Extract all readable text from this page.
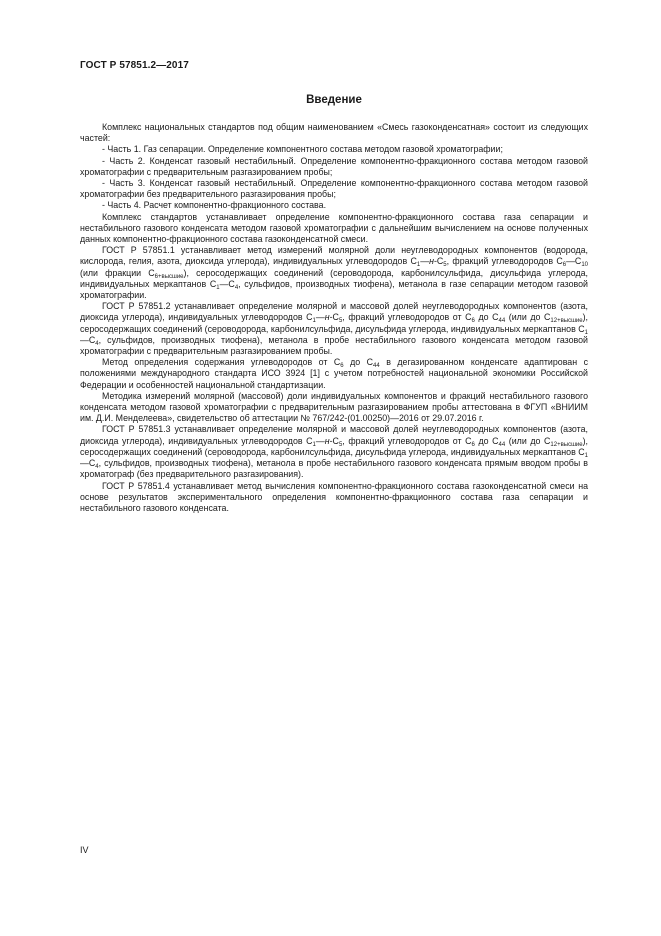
ГОСТ Р 57851.2—2017
Введение

Комплекс национальных стандартов под общим наименованием «Смесь газоконденсатная» состоит из следующих частей:

- Часть 1. Газ сепарации. Определение компонентного состава методом газовой хроматографии;

- Часть 2. Конденсат газовый нестабильный. Определение компонентно-фракционного состава методом газовой хроматографии с предварительным разгазированием пробы;

- Часть 3. Конденсат газовый нестабильный. Определение компонентно-фракционного состава методом газовой хроматографии без предварительного разгазирования пробы;

- Часть 4. Расчет компонентно-фракционного состава.

Комплекс стандартов устанавливает определение компонентно-фракционного состава газа сепарации и нестабильного газового конденсата методом газовой хроматографии с дальнейшим вычислением на основе полученных данных компонентно-фракционного состава газоконденсатной смеси.

ГОСТ Р 57851.1 устанавливает метод измерений молярной доли неуглеводородных компонентов (водорода, кислорода, гелия, азота, диоксида углерода), индивидуальных углеводородов $С_1—н-С_5$, фракций углеводородов $С_6—С_{10}$ (или фракции $С_{6+высшие}$), серосодержащих соединений (сероводорода, карбонилсульфида, дисульфида углерода, индивидуальных меркаптанов $С_1—С_4$, сульфидов, производных тиофена), метанола в газе сепарации методом газовой хроматографии.

ГОСТ Р 57851.2 устанавливает определение молярной и массовой долей неуглеводородных компонентов (азота, диоксида углерода), индивидуальных углеводородов $С_1—н-С_5$, фракций углеводородов от $С_6$ до $С_{44}$ (или до $С_{12+высшие}$), серосодержащих соединений (сероводорода, карбонилсульфида, дисульфида углерода, индивидуальных меркаптанов $С_1—С_4$, сульфидов, производных тиофена), метанола в пробе нестабильного газового конденсата методом газовой хроматографии с предварительным разгазированием пробы.

Метод определения содержания углеводородов от $С_6$ до $С_{44}$ в дегазированном конденсате адаптирован с положениями международного стандарта ИСО 3924 [1] с учетом потребностей национальной экономики Российской Федерации и особенностей национальной стандартизации.

Методика измерений молярной (массовой) доли индивидуальных компонентов и фракций нестабильного газового конденсата методом газовой хроматографии с предварительным разгазированием пробы аттестована в ФГУП «ВНИИМ им. Д.И. Менделеева», свидетельство об аттестации № 767/242-(01.00250)—2016 от 29.07.2016 г.

ГОСТ Р 57851.3 устанавливает определение молярной и массовой долей неуглеводородных компонентов (азота, диоксида углерода), индивидуальных углеводородов $С_1—н-С_5$, фракций углеводородов от $С_6$ до $С_{44}$ (или до $С_{12+высшие}$), серосодержащих соединений (сероводорода, карбонилсульфида, дисульфида углерода, индивидуальных меркаптанов $С_1—С_4$, сульфидов, производных тиофена), метанола в пробе нестабильного газового конденсата прямым вводом пробы в хроматограф (без предварительного разгазирования).

ГОСТ Р 57851.4 устанавливает метод вычисления компонентно-фракционного состава газоконденсатной смеси на основе результатов экспериментального определения компонентно-фракционного состава газа сепарации и нестабильного газового конденсата.

IV
